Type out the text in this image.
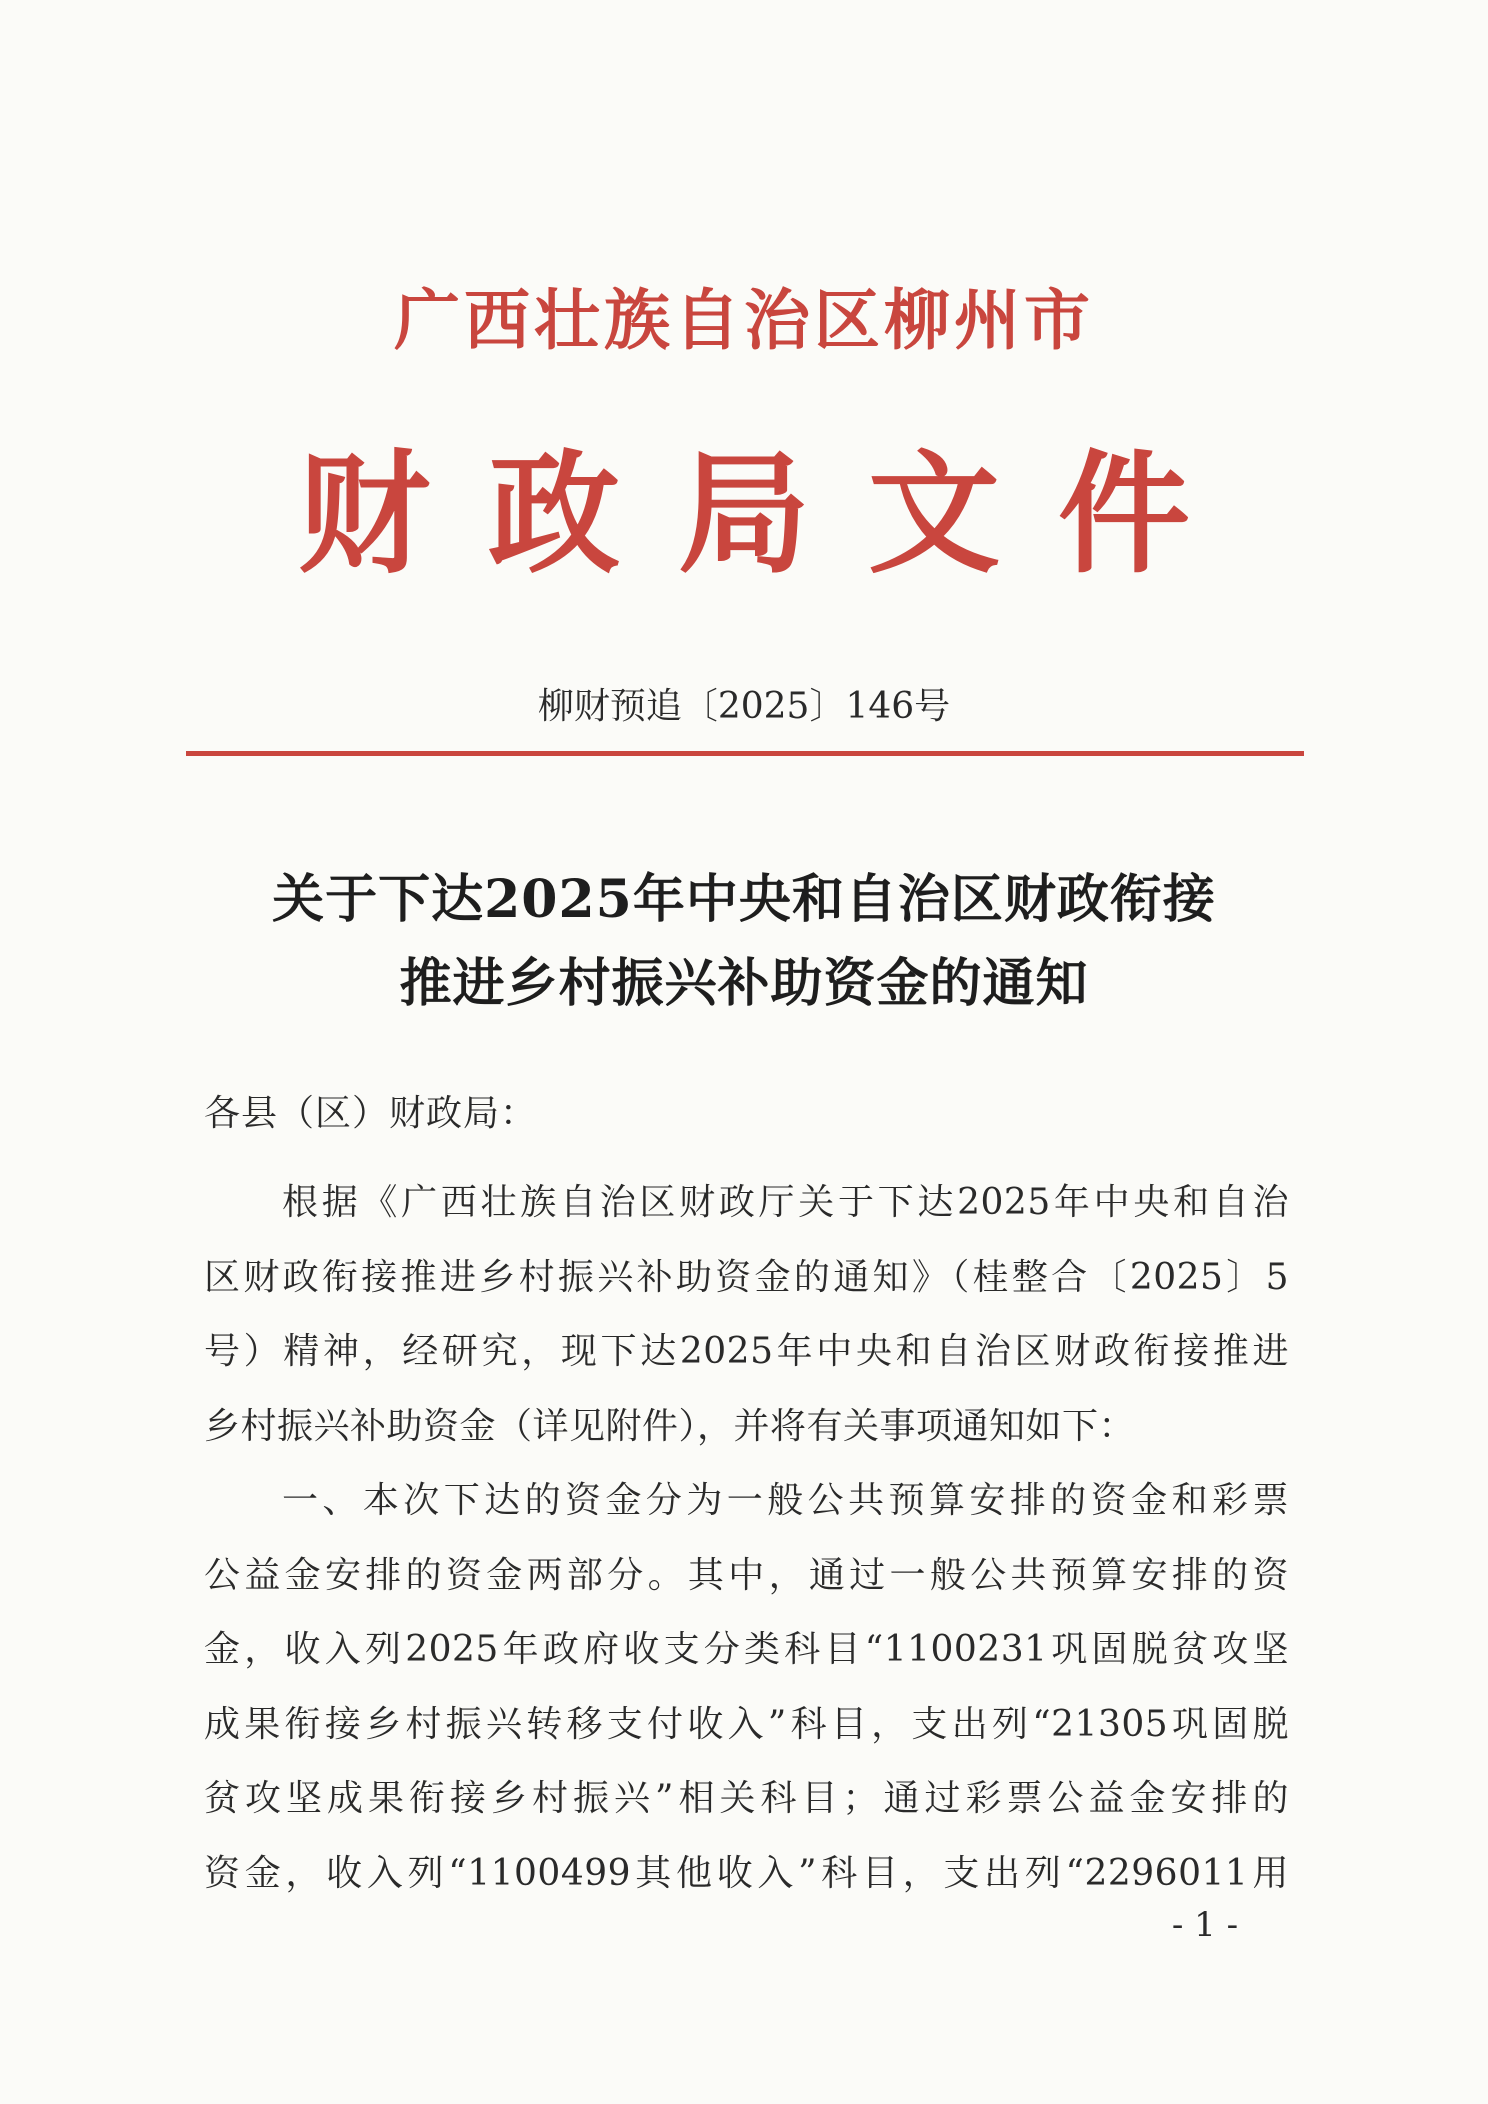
广西壮族自治区柳州市
财政局文件
柳财预追〔2025〕146号
关于下达2025年中央和自治区财政衔接
推进乡村振兴补助资金的通知
各县（区）财政局：
根据《广西壮族自治区财政厅关于下达2025年中央和自治
区财政衔接推进乡村振兴补助资金的通知》（桂整合〔2025〕5
号）精神，经研究，现下达2025年中央和自治区财政衔接推进
乡村振兴补助资金（详见附件），并将有关事项通知如下：
一、本次下达的资金分为一般公共预算安排的资金和彩票
公益金安排的资金两部分。其中，通过一般公共预算安排的资
金，收入列2025年政府收支分类科目“1100231巩固脱贫攻坚
成果衔接乡村振兴转移支付收入”科目，支出列“21305巩固脱
贫攻坚成果衔接乡村振兴”相关科目；通过彩票公益金安排的
资金，收入列“1100499其他收入”科目，支出列“2296011用
- 1 -
